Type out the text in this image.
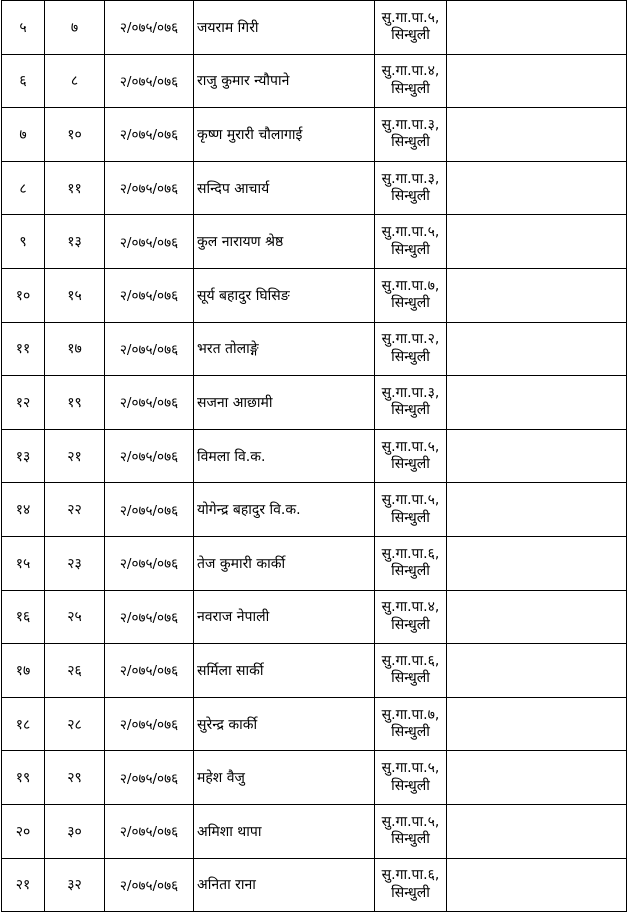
५	७	२/०७५/०७६	जयराम गिरी	सु.गा.पा.५,
सिन्धुली	

६	८	२/०७५/०७६	राजु कुमार न्यौपाने	सु.गा.पा.४,
सिन्धुली	

७	१०	२/०७५/०७६	कृष्ण मुरारी चौलागाई	सु.गा.पा.३,
सिन्धुली	

८	११	२/०७५/०७६	सन्दिप आचार्य	सु.गा.पा.३,
सिन्धुली	

९	१३	२/०७५/०७६	कुल नारायण श्रेष्ठ	सु.गा.पा.५,
सिन्धुली	

१०	१५	२/०७५/०७६	सूर्य बहादुर घिसिङ	सु.गा.पा.७,
सिन्धुली	

११	१७	२/०७५/०७६	भरत तोलाङ्गे	सु.गा.पा.२,
सिन्धुली	

१२	१९	२/०७५/०७६	सजना आछामी	सु.गा.पा.३,
सिन्धुली	

१३	२१	२/०७५/०७६	विमला वि.क.	सु.गा.पा.५,
सिन्धुली	

१४	२२	२/०७५/०७६	योगेन्द्र बहादुर वि.क.	सु.गा.पा.५,
सिन्धुली	

१५	२३	२/०७५/०७६	तेज कुमारी कार्की	सु.गा.पा.६,
सिन्धुली	

१६	२५	२/०७५/०७६	नवराज नेपाली	सु.गा.पा.४,
सिन्धुली	

१७	२६	२/०७५/०७६	सर्मिला सार्की	सु.गा.पा.६,
सिन्धुली	

१८	२८	२/०७५/०७६	सुरेन्द्र कार्की	सु.गा.पा.७,
सिन्धुली	

१९	२९	२/०७५/०७६	महेश वैजु	सु.गा.पा.५,
सिन्धुली	

२०	३०	२/०७५/०७६	अमिशा थापा	सु.गा.पा.५,
सिन्धुली	

२१	३२	२/०७५/०७६	अनिता राना	सु.गा.पा.६,
सिन्धुली	
